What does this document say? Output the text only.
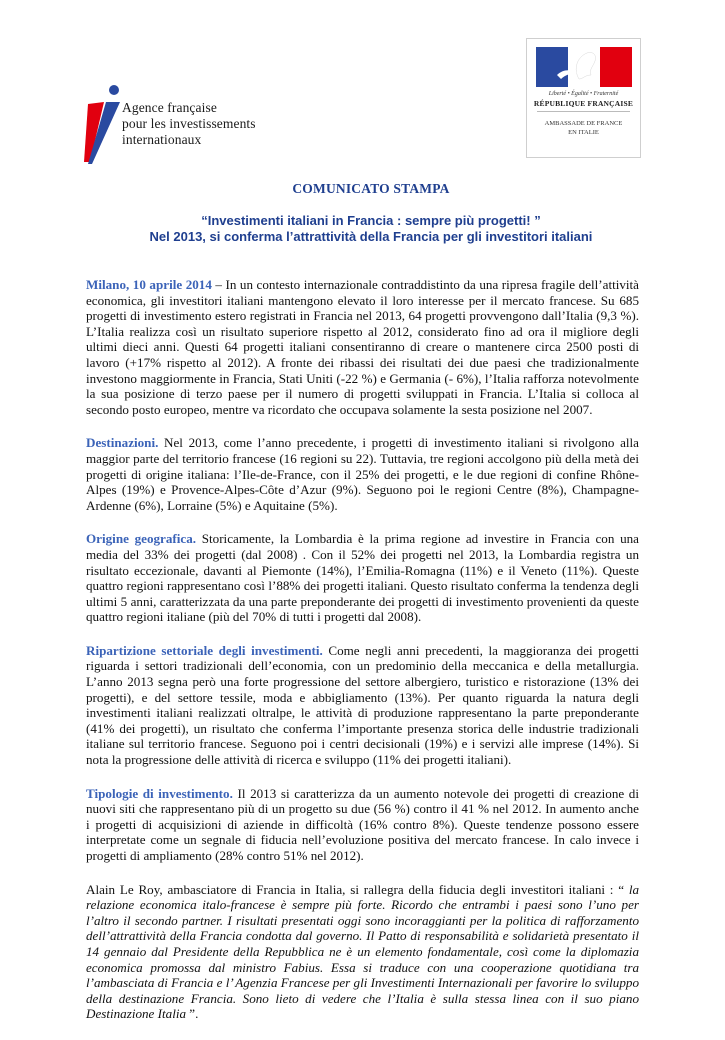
Agence française
pour les investissements
internationaux
Liberté • Égalité • Fraternité
RÉPUBLIQUE FRANÇAISE
AMBASSADE DE FRANCE
EN ITALIE
COMUNICATO STAMPA
“Investimenti italiani in Francia : sempre più progetti! ”
Nel 2013, si conferma l’attrattività della Francia per gli investitori italiani

Milano, 10 aprile 2014 – In un contesto internazionale contraddistinto da una ripresa fragile dell’attività economica, gli investitori italiani mantengono elevato il loro interesse per il mercato francese. Su 685 progetti di investimento estero registrati in Francia nel 2013, 64 progetti provvengono dall’Italia (9,3 %). L’Italia realizza così un risultato superiore rispetto al 2012, considerato fino ad ora il migliore degli ultimi dieci anni. Questi 64 progetti italiani consentiranno di creare o mantenere circa 2500 posti di lavoro (+17% rispetto al 2012). A fronte dei ribassi dei risultati dei due paesi che tradizionalmente investono maggiormente in Francia, Stati Uniti (-22 %) e Germania (- 6%), l’Italia rafforza notevolmente la sua posizione di terzo paese per il numero di progetti sviluppati in Francia. L’Italia si colloca al secondo posto europeo, mentre va ricordato che occupava solamente la sesta posizione nel 2007.

Destinazioni. Nel 2013, come l’anno precedente, i progetti di investimento italiani si rivolgono alla maggior parte del territorio francese (16 regioni su 22). Tuttavia, tre regioni accolgono più della metà dei progetti di origine italiana: l’Ile-de-France, con il 25% dei progetti, e le due regioni di confine Rhône-Alpes (19%) e Provence-Alpes-Côte d’Azur (9%). Seguono poi le regioni Centre (8%), Champagne-Ardenne (6%), Lorraine (5%) e Aquitaine (5%).

Origine geografica. Storicamente, la Lombardia è la prima regione ad investire in Francia con una media del 33% dei progetti (dal 2008) . Con il 52% dei progetti nel 2013, la Lombardia registra un risultato eccezionale, davanti al Piemonte (14%), l’Emilia-Romagna (11%) e il Veneto (11%). Queste quattro regioni rappresentano così l’88% dei progetti italiani. Questo risultato conferma la tendenza degli ultimi 5 anni, caratterizzata da una parte preponderante dei progetti di investimento provenienti da queste quattro regioni italiane (più del 70% di tutti i progetti dal 2008).

Ripartizione settoriale degli investimenti. Come negli anni precedenti, la maggioranza dei progetti riguarda i settori tradizionali dell’economia, con un predominio della meccanica e della metallurgia. L’anno 2013 segna però una forte progressione del settore albergiero, turistico e ristorazione (13% dei progetti), e del settore tessile, moda e abbigliamento (13%). Per quanto riguarda la natura degli investimenti italiani realizzati oltralpe, le attività di produzione rappresentano la parte preponderante (41% dei progetti), un risultato che conferma l’importante presenza storica delle industrie tradizionali italiane sul territorio francese. Seguono poi i centri decisionali (19%) e i servizi alle imprese (14%). Si nota la progressione delle attività di ricerca e sviluppo (11% dei progetti italiani).

Tipologie di investimento. Il 2013 si caratterizza da un aumento notevole dei progetti di creazione di nuovi siti che rappresentano più di un progetto su due (56 %) contro il 41 % nel 2012. In aumento anche i progetti di acquisizioni di aziende in difficoltà (16% contro 8%). Queste tendenze possono essere interpretate come un segnale di fiducia nell’evoluzione positiva del mercato francese. In calo invece i progetti di ampliamento (28% contro 51% nel 2012).

Alain Le Roy, ambasciatore di Francia in Italia, si rallegra della fiducia degli investitori italiani : “ la relazione economica italo-francese è sempre più forte. Ricordo che entrambi i paesi sono l’uno per l’altro il secondo partner. I risultati presentati oggi sono incoraggianti per la politica di rafforzamento dell’attrattività della Francia condotta dal governo. Il Patto di responsabilità e solidarietà presentato il 14 gennaio dal Presidente della Repubblica ne è un elemento fondamentale, così come la diplomazia economica promossa dal ministro Fabius. Essa si traduce con una cooperazione quotidiana tra l’ambasciata di Francia e l’ Agenzia Francese per gli Investimenti Internazionali per favorire lo sviluppo della destinazione Francia. Sono lieto di vedere che l’Italia è sulla stessa linea con il suo piano Destinazione Italia ”.
